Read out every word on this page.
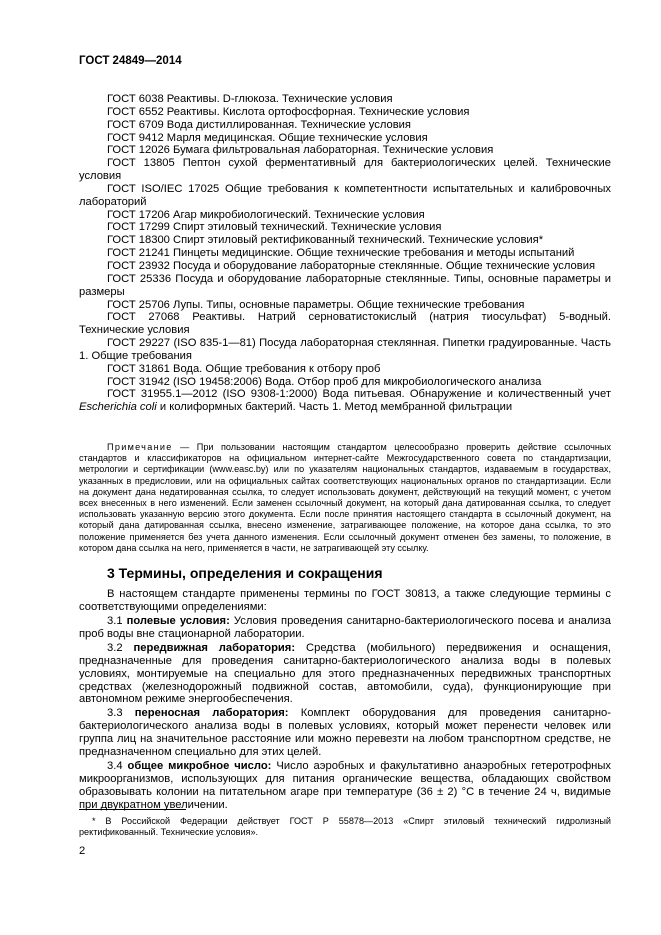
ГОСТ 24849—2014

ГОСТ 6038 Реактивы. D-глюкоза. Технические условия

ГОСТ 6552 Реактивы. Кислота ортофосфорная. Технические условия

ГОСТ 6709 Вода дистиллированная. Технические условия

ГОСТ 9412 Марля медицинская. Общие технические условия

ГОСТ 12026 Бумага фильтровальная лабораторная. Технические условия

ГОСТ 13805 Пептон сухой ферментативный для бактериологических целей. Технические условия

ГОСТ ISO/IEC 17025 Общие требования к компетентности испытательных и калибровочных лабораторий

ГОСТ 17206 Агар микробиологический. Технические условия

ГОСТ 17299 Спирт этиловый технический. Технические условия

ГОСТ 18300 Спирт этиловый ректификованный технический. Технические условия*

ГОСТ 21241 Пинцеты медицинские. Общие технические требования и методы испытаний

ГОСТ 23932 Посуда и оборудование лабораторные стеклянные. Общие технические условия

ГОСТ 25336 Посуда и оборудование лабораторные стеклянные. Типы, основные параметры и размеры

ГОСТ 25706 Лупы. Типы, основные параметры. Общие технические требования

ГОСТ 27068 Реактивы. Натрий серноватистокислый (натрия тиосульфат) 5-водный. Технические условия

ГОСТ 29227 (ISO 835-1—81) Посуда лабораторная стеклянная. Пипетки градуированные. Часть 1. Общие требования

ГОСТ 31861 Вода. Общие требования к отбору проб

ГОСТ 31942 (ISO 19458:2006) Вода. Отбор проб для микробиологического анализа

ГОСТ 31955.1—2012 (ISO 9308-1:2000) Вода питьевая. Обнаружение и количественный учет Escherichia coli и колиформных бактерий. Часть 1. Метод мембранной фильтрации

Примечание — При пользовании настоящим стандартом целесообразно проверить действие ссылочных стандартов и классификаторов на официальном интернет-сайте Межгосударственного совета по стандартизации, метрологии и сертификации (www.easc.by) или по указателям национальных стандартов, издаваемым в государствах, указанных в предисловии, или на официальных сайтах соответствующих национальных органов по стандартизации. Если на документ дана недатированная ссылка, то следует использовать документ, действующий на текущий момент, с учетом всех внесенных в него изменений. Если заменен ссылочный документ, на который дана датированная ссылка, то следует использовать указанную версию этого документа. Если после принятия настоящего стандарта в ссылочный документ, на который дана датированная ссылка, внесено изменение, затрагивающее положение, на которое дана ссылка, то это положение применяется без учета данного изменения. Если ссылочный документ отменен без замены, то положение, в котором дана ссылка на него, применяется в части, не затрагивающей эту ссылку.

3 Термины, определения и сокращения

В настоящем стандарте применены термины по ГОСТ 30813, а также следующие термины с соответствующими определениями:

3.1 полевые условия: Условия проведения санитарно-бактериологического посева и анализа проб воды вне стационарной лаборатории.

3.2 передвижная лаборатория: Средства (мобильного) передвижения и оснащения, предназначенные для проведения санитарно-бактериологического анализа воды в полевых условиях, монтируемые на специально для этого предназначенных передвижных транспортных средствах (железнодорожный подвижной состав, автомобили, суда), функционирующие при автономном режиме энергообеспечения.

3.3 переносная лаборатория: Комплект оборудования для проведения санитарно-бактериологического анализа воды в полевых условиях, который может перенести человек или группа лиц на значительное расстояние или можно перевезти на любом транспортном средстве, не предназначенном специально для этих целей.

3.4 общее микробное число: Число аэробных и факультативно анаэробных гетеротрофных микроорганизмов, использующих для питания органические вещества, обладающих свойством образовывать колонии на питательном агаре при температуре (36 ± 2) °С в течение 24 ч, видимые при двукратном увеличении.

* В Российской Федерации действует ГОСТ Р 55878—2013 «Спирт этиловый технический гидролизный ректификованный. Технические условия».

2
